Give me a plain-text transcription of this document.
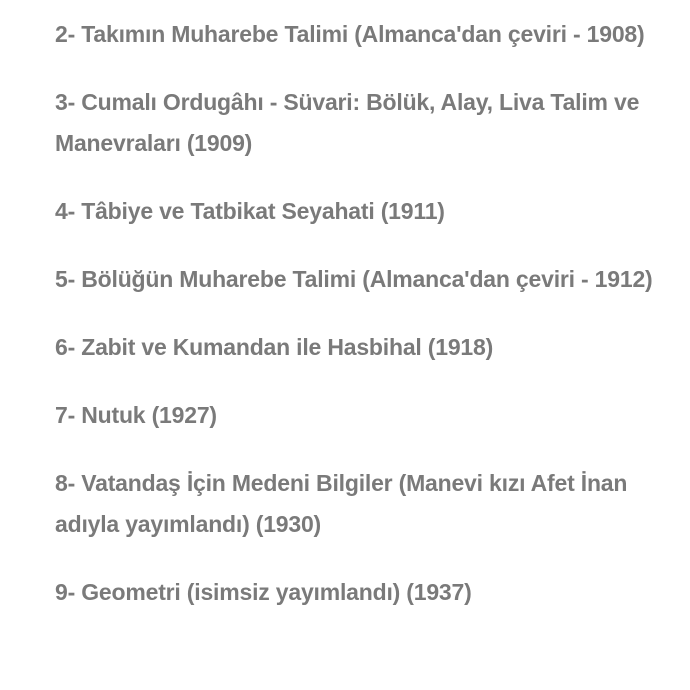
2- Takımın Muharebe Talimi (Almanca'dan çeviri - 1908)
3- Cumalı Ordugâhı - Süvari: Bölük, Alay, Liva Talim ve Manevraları (1909)
4- Tâbiye ve Tatbikat Seyahati (1911)
5- Bölüğün Muharebe Talimi (Almanca'dan çeviri - 1912)
6- Zabit ve Kumandan ile Hasbihal (1918)
7- Nutuk (1927)
8- Vatandaş İçin Medeni Bilgiler (Manevi kızı Afet İnan adıyla yayımlandı) (1930)
9- Geometri (isimsiz yayımlandı) (1937)
